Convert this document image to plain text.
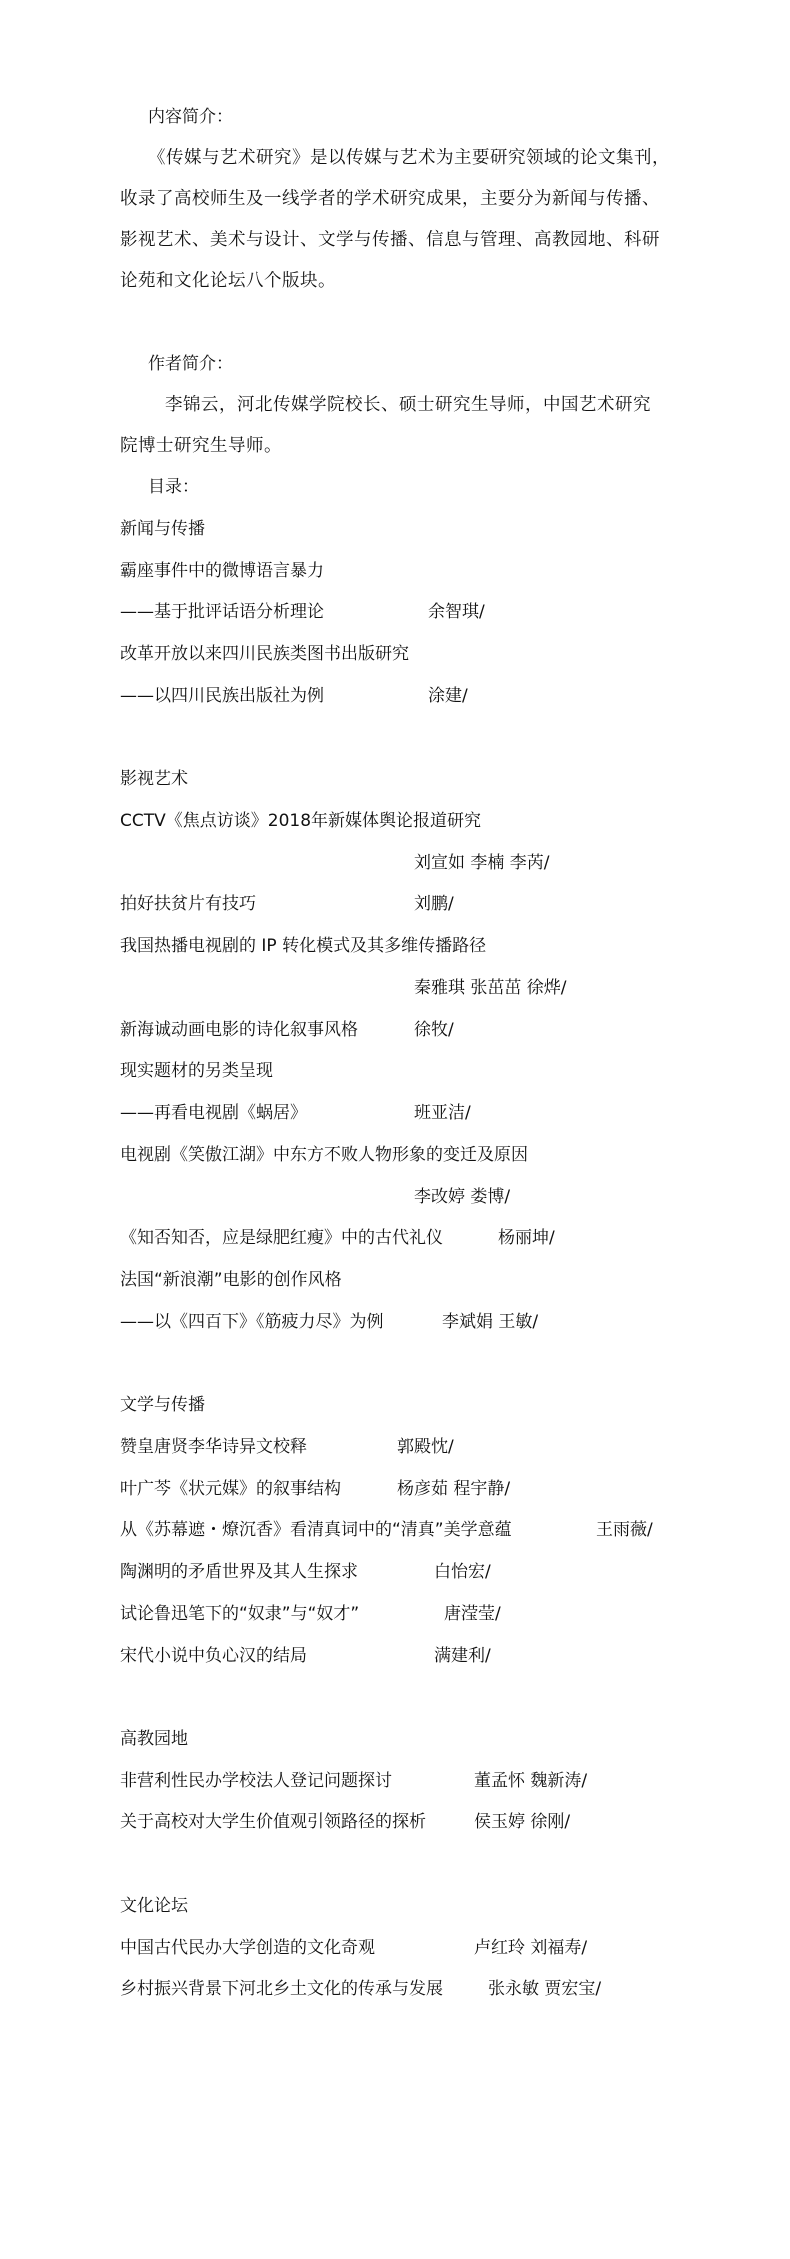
内容简介：
《传媒与艺术研究》是以传媒与艺术为主要研究领域的论文集刊，
收录了高校师生及一线学者的学术研究成果，主要分为新闻与传播、
影视艺术、美术与设计、文学与传播、信息与管理、高教园地、科研
论苑和文化论坛八个版块。
作者简介：
李锦云，河北传媒学院校长、硕士研究生导师，中国艺术研究
院博士研究生导师。
目录：
新闻与传播
霸座事件中的微博语言暴力
——基于批评话语分析理论	余智琪/
改革开放以来四川民族类图书出版研究
——以四川民族出版社为例	涂建/
影视艺术
CCTV《焦点访谈》2018年新媒体舆论报道研究
刘宣如 李楠 李芮/
拍好扶贫片有技巧	刘鹏/
我国热播电视剧的 IP 转化模式及其多维传播路径
秦雅琪 张茁茁 徐烨/
新海诚动画电影的诗化叙事风格	徐牧/
现实题材的另类呈现
——再看电视剧《蜗居》	班亚洁/
电视剧《笑傲江湖》中东方不败人物形象的变迁及原因
李改婷 娄博/
《知否知否，应是绿肥红瘦》中的古代礼仪	杨丽坤/
法国“新浪潮”电影的创作风格
——以《四百下》《筋疲力尽》为例	李斌娟 王敏/
文学与传播
赞皇唐贤李华诗异文校释	郭殿忱/
叶广芩《状元媒》的叙事结构	杨彦茹 程宇静/
从《苏幕遮・燎沉香》看清真词中的“清真”美学意蕴	王雨薇/
陶渊明的矛盾世界及其人生探求	白怡宏/
试论鲁迅笔下的“奴隶”与“奴才”	唐滢莹/
宋代小说中负心汉的结局	满建利/
高教园地
非营利性民办学校法人登记问题探讨	董孟怀 魏新涛/
关于高校对大学生价值观引领路径的探析	侯玉婷 徐刚/
文化论坛
中国古代民办大学创造的文化奇观	卢红玲 刘福寿/
乡村振兴背景下河北乡土文化的传承与发展	张永敏 贾宏宝/
